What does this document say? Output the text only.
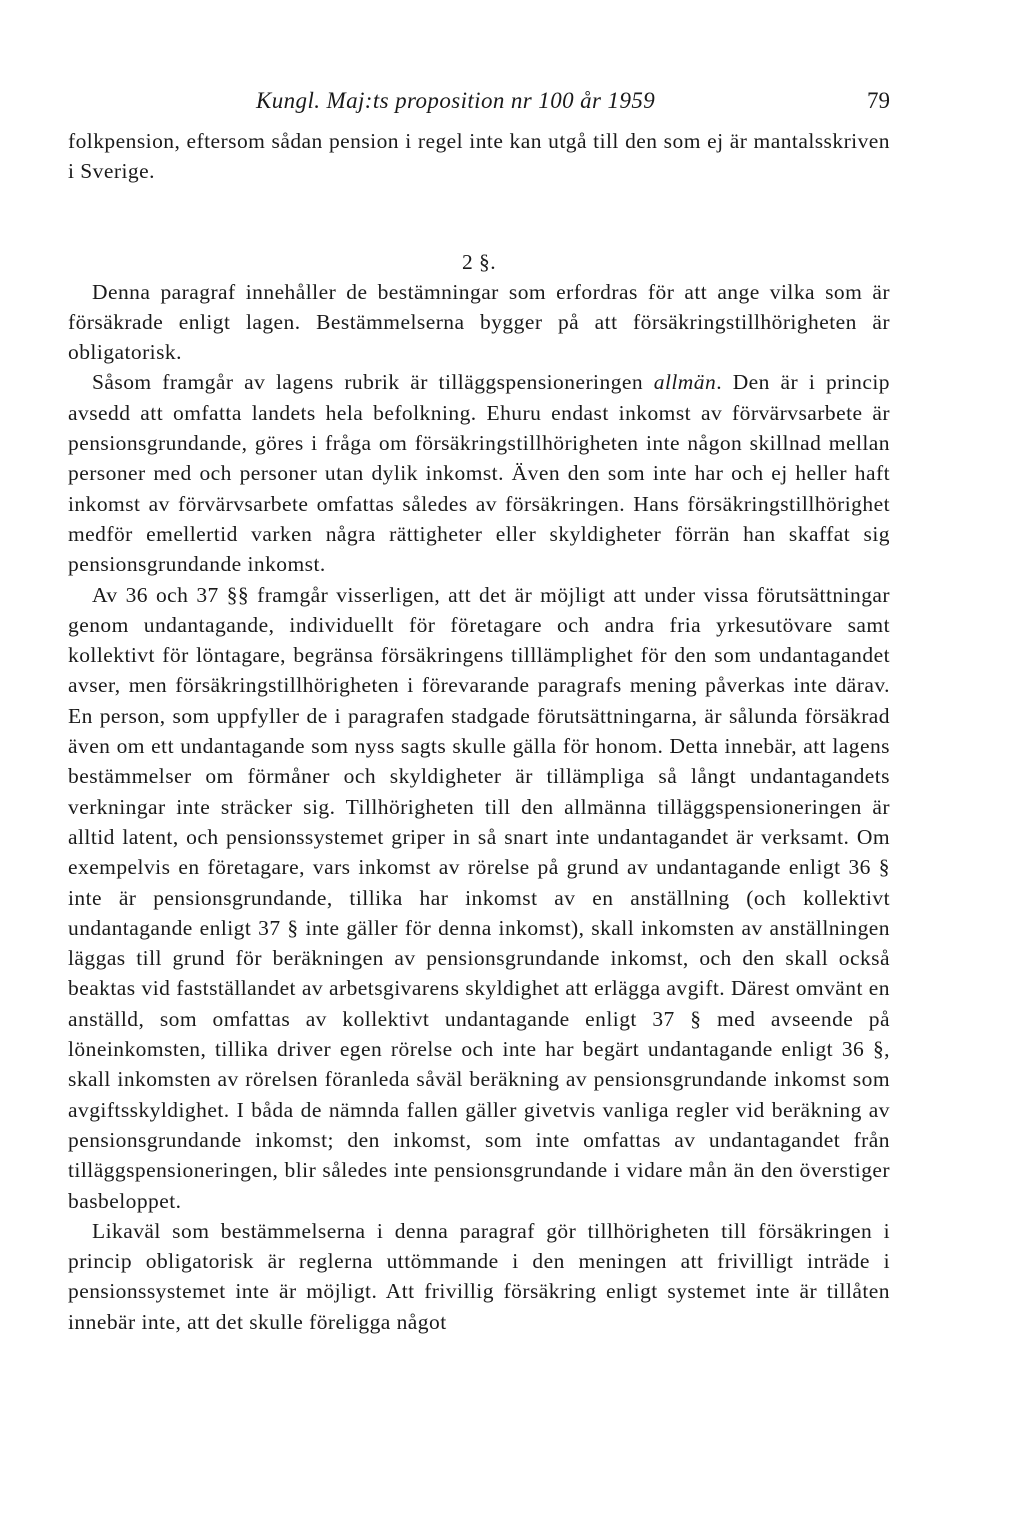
Kungl. Maj:ts proposition nr 100 år 1959	79

folkpension, eftersom sådan pension i regel inte kan utgå till den som ej är mantalsskriven i Sverige.

2 §.

Denna paragraf innehåller de bestämningar som erfordras för att ange vilka som är försäkrade enligt lagen. Bestämmelserna bygger på att försäkringstillhörigheten är obligatorisk.

Såsom framgår av lagens rubrik är tilläggspensioneringen allmän. Den är i princip avsedd att omfatta landets hela befolkning. Ehuru endast inkomst av förvärvsarbete är pensionsgrundande, göres i fråga om försäkringstillhörigheten inte någon skillnad mellan personer med och personer utan dylik inkomst. Även den som inte har och ej heller haft inkomst av förvärvsarbete omfattas således av försäkringen. Hans försäkringstillhörighet medför emellertid varken några rättigheter eller skyldigheter förrän han skaffat sig pensionsgrundande inkomst.

Av 36 och 37 §§ framgår visserligen, att det är möjligt att under vissa förutsättningar genom undantagande, individuellt för företagare och andra fria yrkesutövare samt kollektivt för löntagare, begränsa försäkringens tilllämplighet för den som undantagandet avser, men försäkringstillhörigheten i förevarande paragrafs mening påverkas inte därav. En person, som uppfyller de i paragrafen stadgade förutsättningarna, är sålunda försäkrad även om ett undantagande som nyss sagts skulle gälla för honom. Detta innebär, att lagens bestämmelser om förmåner och skyldigheter är tillämpliga så långt undantagandets verkningar inte sträcker sig. Tillhörigheten till den allmänna tilläggspensioneringen är alltid latent, och pensionssystemet griper in så snart inte undantagandet är verksamt. Om exempelvis en företagare, vars inkomst av rörelse på grund av undantagande enligt 36 § inte är pensionsgrundande, tillika har inkomst av en anställning (och kollektivt undantagande enligt 37 § inte gäller för denna inkomst), skall inkomsten av anställningen läggas till grund för beräkningen av pensionsgrundande inkomst, och den skall också beaktas vid fastställandet av arbetsgivarens skyldighet att erlägga avgift. Därest omvänt en anställd, som omfattas av kollektivt undantagande enligt 37 § med avseende på löneinkomsten, tillika driver egen rörelse och inte har begärt undantagande enligt 36 §, skall inkomsten av rörelsen föranleda såväl beräkning av pensionsgrundande inkomst som avgiftsskyldighet. I båda de nämnda fallen gäller givetvis vanliga regler vid beräkning av pensionsgrundande inkomst; den inkomst, som inte omfattas av undantagandet från tilläggspensioneringen, blir således inte pensionsgrundande i vidare mån än den överstiger basbeloppet.

Likaväl som bestämmelserna i denna paragraf gör tillhörigheten till försäkringen i princip obligatorisk är reglerna uttömmande i den meningen att frivilligt inträde i pensionssystemet inte är möjligt. Att frivillig försäkring enligt systemet inte är tillåten innebär inte, att det skulle föreligga något
